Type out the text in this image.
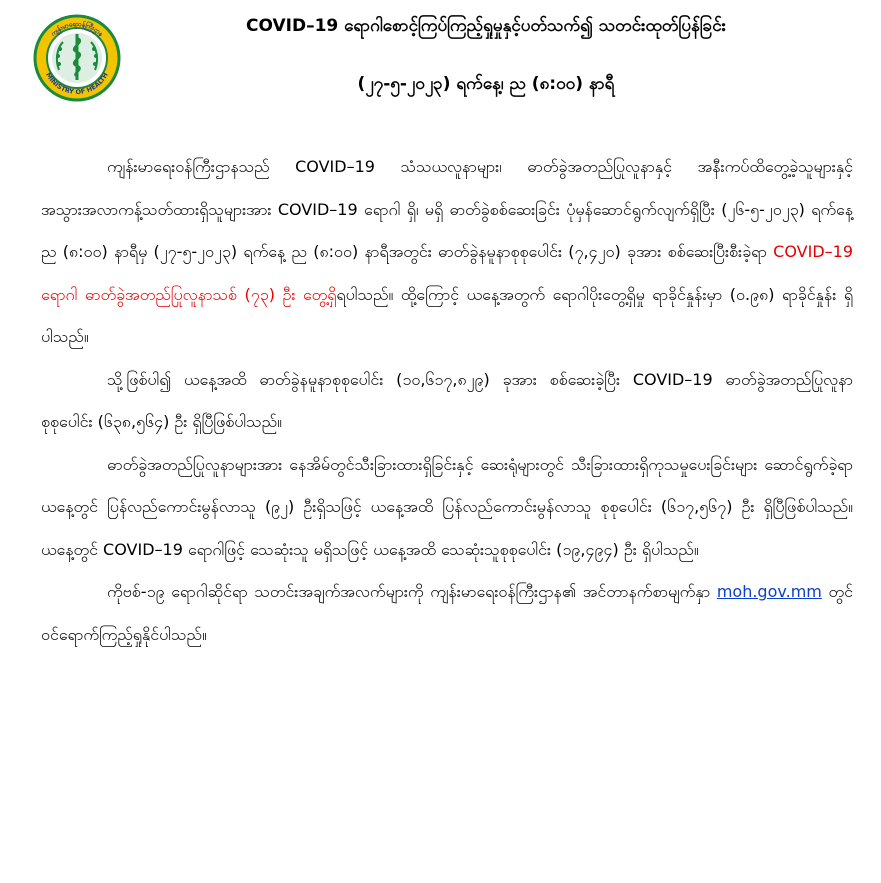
ကျန်းမာရေးဝန်ကြီးဌာန
MINISTRY OF HEALTH
COVID–19 ရောဂါစောင့်ကြပ်ကြည့်ရှုမှုနှင့်ပတ်သက်၍ သတင်းထုတ်ပြန်ခြင်း
(၂၇-၅-၂၀၂၃) ရက်နေ့၊ ည (၈:၀၀) နာရီ

ကျန်းမာရေးဝန်ကြီးဌာနသည် COVID–19 သံသယလူနာများ၊ ဓာတ်ခွဲအတည်ပြုလူနာနှင့် အနီးကပ်ထိတွေ့ခဲ့သူများနှင့် အသွားအလာကန့်သတ်ထားရှိသူများအား COVID–19 ရောဂါ ရှိ၊ မရှိ ဓာတ်ခွဲစစ်ဆေးခြင်း ပုံမှန်ဆောင်ရွက်လျက်ရှိပြီး (၂၆-၅-၂၀၂၃) ရက်နေ့ ည (၈:၀၀) နာရီမှ (၂၇-၅-၂၀၂၃) ရက်နေ့ ည (၈:၀၀) နာရီအတွင်း ဓာတ်ခွဲနမူနာစုစုပေါင်း (၇,၄၂၀) ခုအား စစ်ဆေးပြီးစီးခဲ့ရာ COVID–19 ရောဂါ ဓာတ်ခွဲအတည်ပြုလူနာသစ် (၇၃) ဦး တွေ့ရှိရပါသည်။ ထို့ကြောင့် ယနေ့အတွက် ရောဂါပိုးတွေ့ရှိမှု ရာခိုင်နှုန်းမှာ (၀.၉၈) ရာခိုင်နှုန်း ရှိပါသည်။

သို့ဖြစ်ပါ၍ ယနေ့အထိ ဓာတ်ခွဲနမူနာစုစုပေါင်း (၁၀,၆၁၇,၈၂၉) ခုအား စစ်ဆေးခဲ့ပြီး COVID–19 ဓာတ်ခွဲအတည်ပြုလူနာ စုစုပေါင်း (၆၃၈,၅၆၄) ဦး ရှိပြီဖြစ်ပါသည်။

ဓာတ်ခွဲအတည်ပြုလူနာများအား နေအိမ်တွင်သီးခြားထားရှိခြင်းနှင့် ဆေးရုံများတွင် သီးခြားထားရှိကုသမှုပေးခြင်းများ ဆောင်ရွက်ခဲ့ရာ ယနေ့တွင် ပြန်လည်ကောင်းမွန်လာသူ (၉၂) ဦးရှိသဖြင့် ယနေ့အထိ ပြန်လည်ကောင်းမွန်လာသူ စုစုပေါင်း (၆၁၇,၅၆၇) ဦး ရှိပြီဖြစ်ပါသည်။ ယနေ့တွင် COVID–19 ရောဂါဖြင့် သေဆုံးသူ မရှိသဖြင့် ယနေ့အထိ သေဆုံးသူစုစုပေါင်း (၁၉,၄၉၄) ဦး ရှိပါသည်။

ကိုဗစ်-၁၉ ရောဂါဆိုင်ရာ သတင်းအချက်အလက်များကို ကျန်းမာရေးဝန်ကြီးဌာန၏ အင်တာနက်စာမျက်နှာ moh.gov.mm တွင် ဝင်ရောက်ကြည့်ရှုနိုင်ပါသည်။
